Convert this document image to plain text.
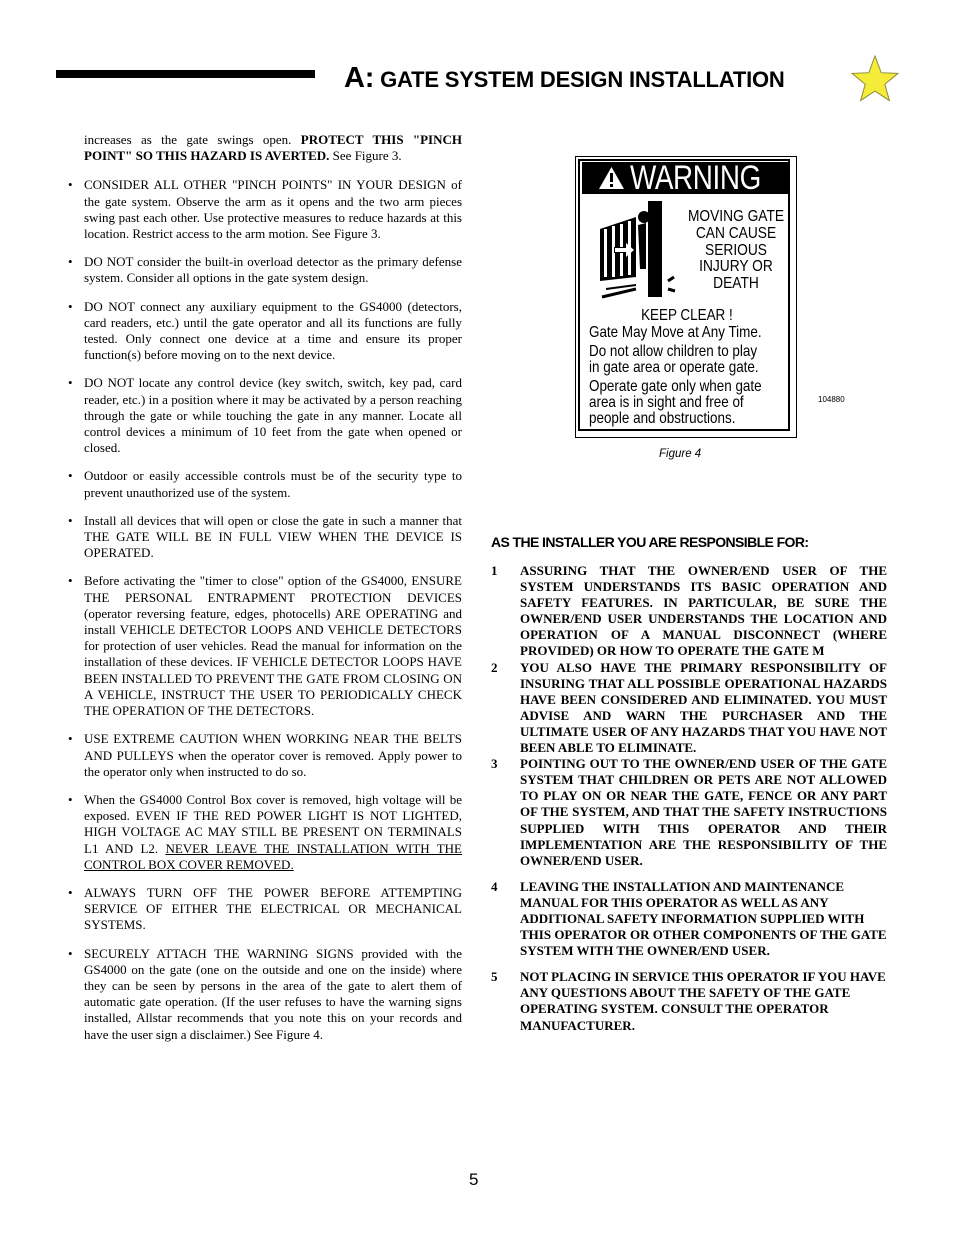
A: GATE SYSTEM DESIGN INSTALLATION

increases as the gate swings open. PROTECT THIS "PINCH POINT" SO THIS HAZARD IS AVERTED. See Figure 3.

• CONSIDER ALL OTHER "PINCH POINTS" IN YOUR DESIGN of the gate system. Observe the arm as it opens and the two arm pieces swing past each other. Use protective measures to reduce hazards at this location. Restrict access to the arm motion. See Figure 3.

• DO NOT consider the built-in overload detector as the primary defense system. Consider all options in the gate system design.

• DO NOT connect any auxiliary equipment to the GS4000 (detectors, card readers, etc.) until the gate operator and all its functions are fully tested. Only connect one device at a time and ensure its proper function(s) before moving on to the next device.

• DO NOT locate any control device (key switch, switch, key pad, card reader, etc.) in a position where it may be activated by a person reaching through the gate or while touching the gate in any manner. Locate all control devices a minimum of 10 feet from the gate when opened or closed.

• Outdoor or easily accessible controls must be of the security type to prevent unauthorized use of the system.

• Install all devices that will open or close the gate in such a manner that THE GATE WILL BE IN FULL VIEW WHEN THE DEVICE IS OPERATED.

• Before activating the "timer to close" option of the GS4000, ENSURE THE PERSONAL ENTRAPMENT PROTECTION DEVICES (operator reversing feature, edges, photocells) ARE OPERATING and install VEHICLE DETECTOR LOOPS AND VEHICLE DETECTORS for protection of user vehicles. Read the manual for information on the installation of these devices. IF VEHICLE DETECTOR LOOPS HAVE BEEN INSTALLED TO PREVENT THE GATE FROM CLOSING ON A VEHICLE, INSTRUCT THE USER TO PERIODICALLY CHECK THE OPERATION OF THE DETECTORS.

• USE EXTREME CAUTION WHEN WORKING NEAR THE BELTS AND PULLEYS when the operator cover is removed. Apply power to the operator only when instructed to do so.

• When the GS4000 Control Box cover is removed, high voltage will be exposed. EVEN IF THE RED POWER LIGHT IS NOT LIGHTED, HIGH VOLTAGE AC MAY STILL BE PRESENT ON TERMINALS L1 AND L2. NEVER LEAVE THE INSTALLATION WITH THE CONTROL BOX COVER REMOVED.

• ALWAYS TURN OFF THE POWER BEFORE ATTEMPTING SERVICE OF EITHER THE ELECTRICAL OR MECHANICAL SYSTEMS.

• SECURELY ATTACH THE WARNING SIGNS provided with the GS4000 on the gate (one on the outside and one on the inside) where they can be seen by persons in the area of the gate to alert them of automatic gate operation. (If the user refuses to have the warning signs installed, Allstar recommends that you note this on your records and have the user sign a disclaimer.) See Figure 4.

WARNING
MOVING GATE
CAN CAUSE
SERIOUS
INJURY OR
DEATH
KEEP CLEAR !
Gate May Move at Any Time.
Do not allow children to play
in gate area or operate gate.
Operate gate only when gate
area is in sight and free of
people and obstructions.
104880
Figure 4
AS THE INSTALLER YOU ARE RESPONSIBLE FOR:

1 ASSURING THAT THE OWNER/END USER OF THE SYSTEM UNDERSTANDS ITS BASIC OPERATION AND SAFETY FEATURES. IN PARTICULAR, BE SURE THE OWNER/END USER UNDERSTANDS THE LOCATION AND OPERATION OF A MANUAL DISCONNECT (WHERE PROVIDED) OR HOW TO OPERATE THE GATE M

2 YOU ALSO HAVE THE PRIMARY RESPONSIBILITY OF INSURING THAT ALL POSSIBLE OPERATIONAL HAZARDS HAVE BEEN CONSIDERED AND ELIMINATED. YOU MUST ADVISE AND WARN THE PURCHASER AND THE ULTIMATE USER OF ANY HAZARDS THAT YOU HAVE NOT BEEN ABLE TO ELIMINATE.

3 POINTING OUT TO THE OWNER/END USER OF THE GATE SYSTEM THAT CHILDREN OR PETS ARE NOT ALLOWED TO PLAY ON OR NEAR THE GATE, FENCE OR ANY PART OF THE SYSTEM, AND THAT THE SAFETY INSTRUCTIONS SUPPLIED WITH THIS OPERATOR AND THEIR IMPLEMENTATION ARE THE RESPONSIBILITY OF THE OWNER/END USER.

4 LEAVING THE INSTALLATION AND MAINTENANCE MANUAL FOR THIS OPERATOR AS WELL AS ANY ADDITIONAL SAFETY INFORMATION SUPPLIED WITH THIS OPERATOR OR OTHER COMPONENTS OF THE GATE SYSTEM WITH THE OWNER/END USER.

5 NOT PLACING IN SERVICE THIS OPERATOR IF YOU HAVE ANY QUESTIONS ABOUT THE SAFETY OF THE GATE OPERATING SYSTEM. CONSULT THE OPERATOR MANUFACTURER.

5
